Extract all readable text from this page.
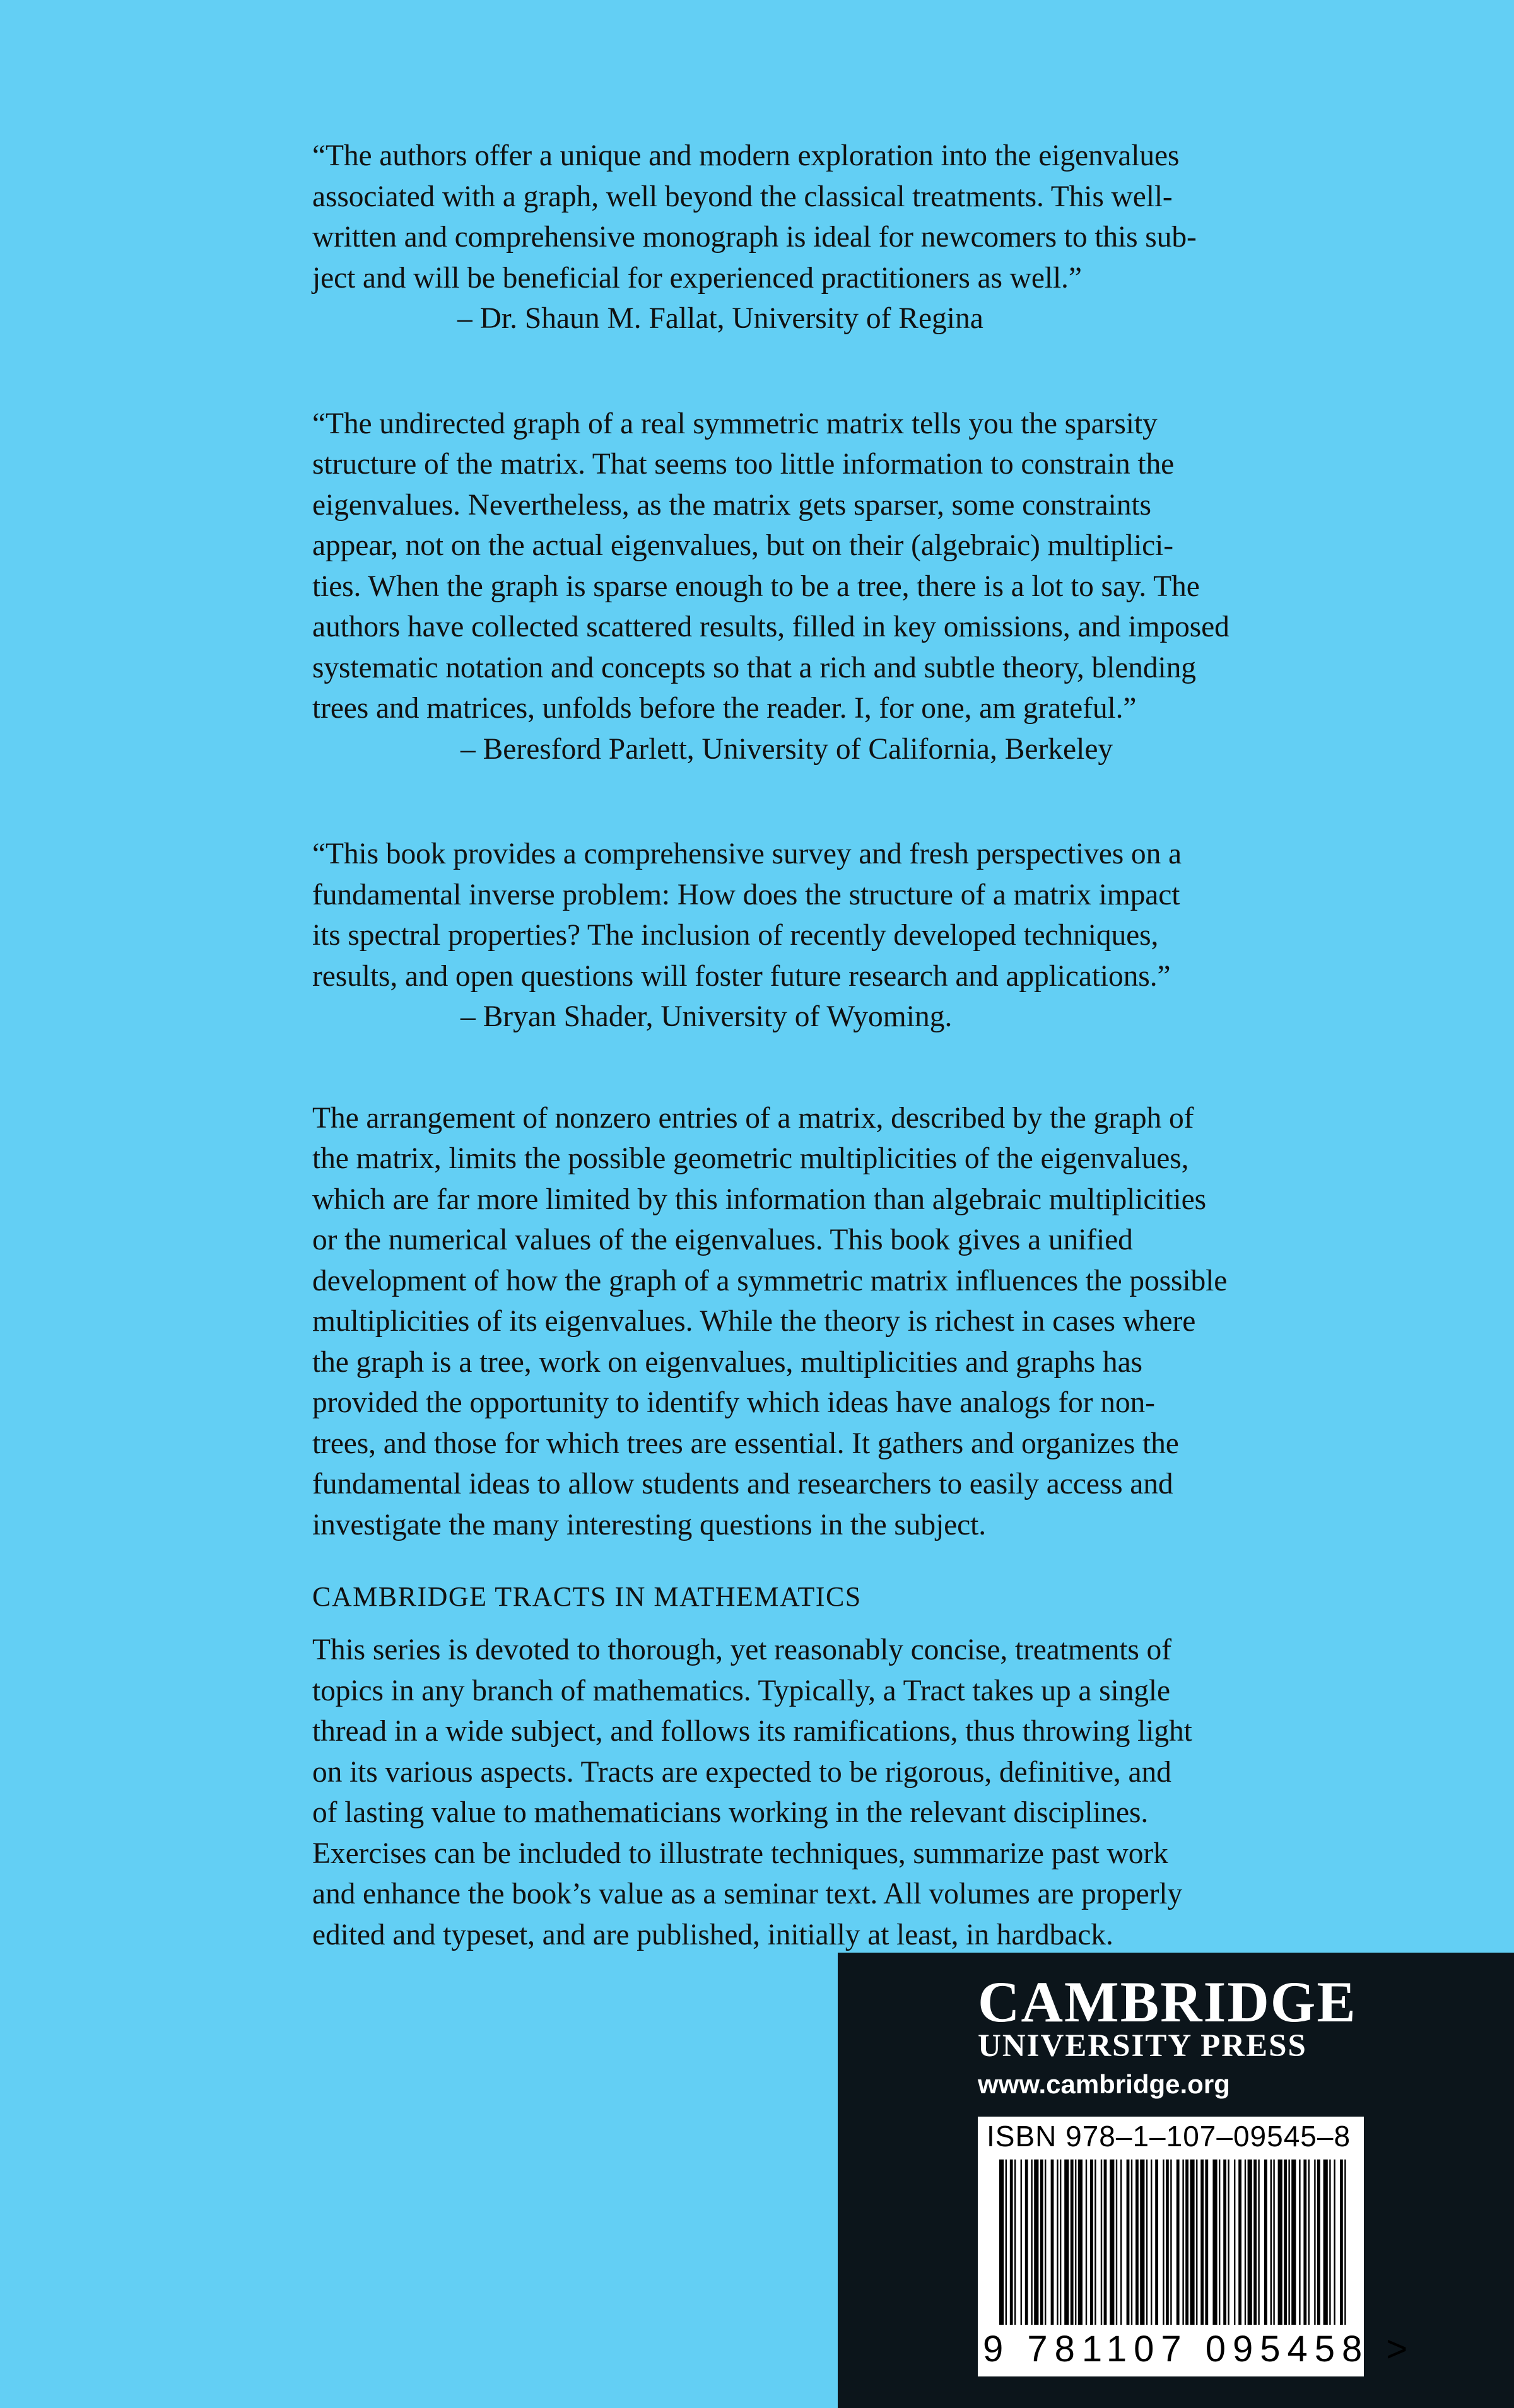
“The authors offer a unique and modern exploration into the eigenvalues
associated with a graph, well beyond the classical treatments. This well-
written and comprehensive monograph is ideal for newcomers to this sub-
ject and will be beneficial for experienced practitioners as well.”
– Dr. Shaun M. Fallat, University of Regina
“The undirected graph of a real symmetric matrix tells you the sparsity
structure of the matrix. That seems too little information to constrain the
eigenvalues. Nevertheless, as the matrix gets sparser, some constraints
appear, not on the actual eigenvalues, but on their (algebraic) multiplici-
ties. When the graph is sparse enough to be a tree, there is a lot to say. The
authors have collected scattered results, filled in key omissions, and imposed
systematic notation and concepts so that a rich and subtle theory, blending
trees and matrices, unfolds before the reader. I, for one, am grateful.”
– Beresford Parlett, University of California, Berkeley
“This book provides a comprehensive survey and fresh perspectives on a
fundamental inverse problem: How does the structure of a matrix impact
its spectral properties? The inclusion of recently developed techniques,
results, and open questions will foster future research and applications.”
– Bryan Shader, University of Wyoming.
The arrangement of nonzero entries of a matrix, described by the graph of
the matrix, limits the possible geometric multiplicities of the eigenvalues,
which are far more limited by this information than algebraic multiplicities
or the numerical values of the eigenvalues. This book gives a unified
development of how the graph of a symmetric matrix influences the possible
multiplicities of its eigenvalues. While the theory is richest in cases where
the graph is a tree, work on eigenvalues, multiplicities and graphs has
provided the opportunity to identify which ideas have analogs for non-
trees, and those for which trees are essential. It gathers and organizes the
fundamental ideas to allow students and researchers to easily access and
investigate the many interesting questions in the subject.
CAMBRIDGE TRACTS IN MATHEMATICS
This series is devoted to thorough, yet reasonably concise, treatments of
topics in any branch of mathematics. Typically, a Tract takes up a single
thread in a wide subject, and follows its ramifications, thus throwing light
on its various aspects. Tracts are expected to be rigorous, definitive, and
of lasting value to mathematicians working in the relevant disciplines.
Exercises can be included to illustrate techniques, summarize past work
and enhance the book’s value as a seminar text. All volumes are properly
edited and typeset, and are published, initially at least, in hardback.
CAMBRIDGE
UNIVERSITY PRESS
www.cambridge.org
ISBN 978–1–107–09545–8
9 781107 095458 >
